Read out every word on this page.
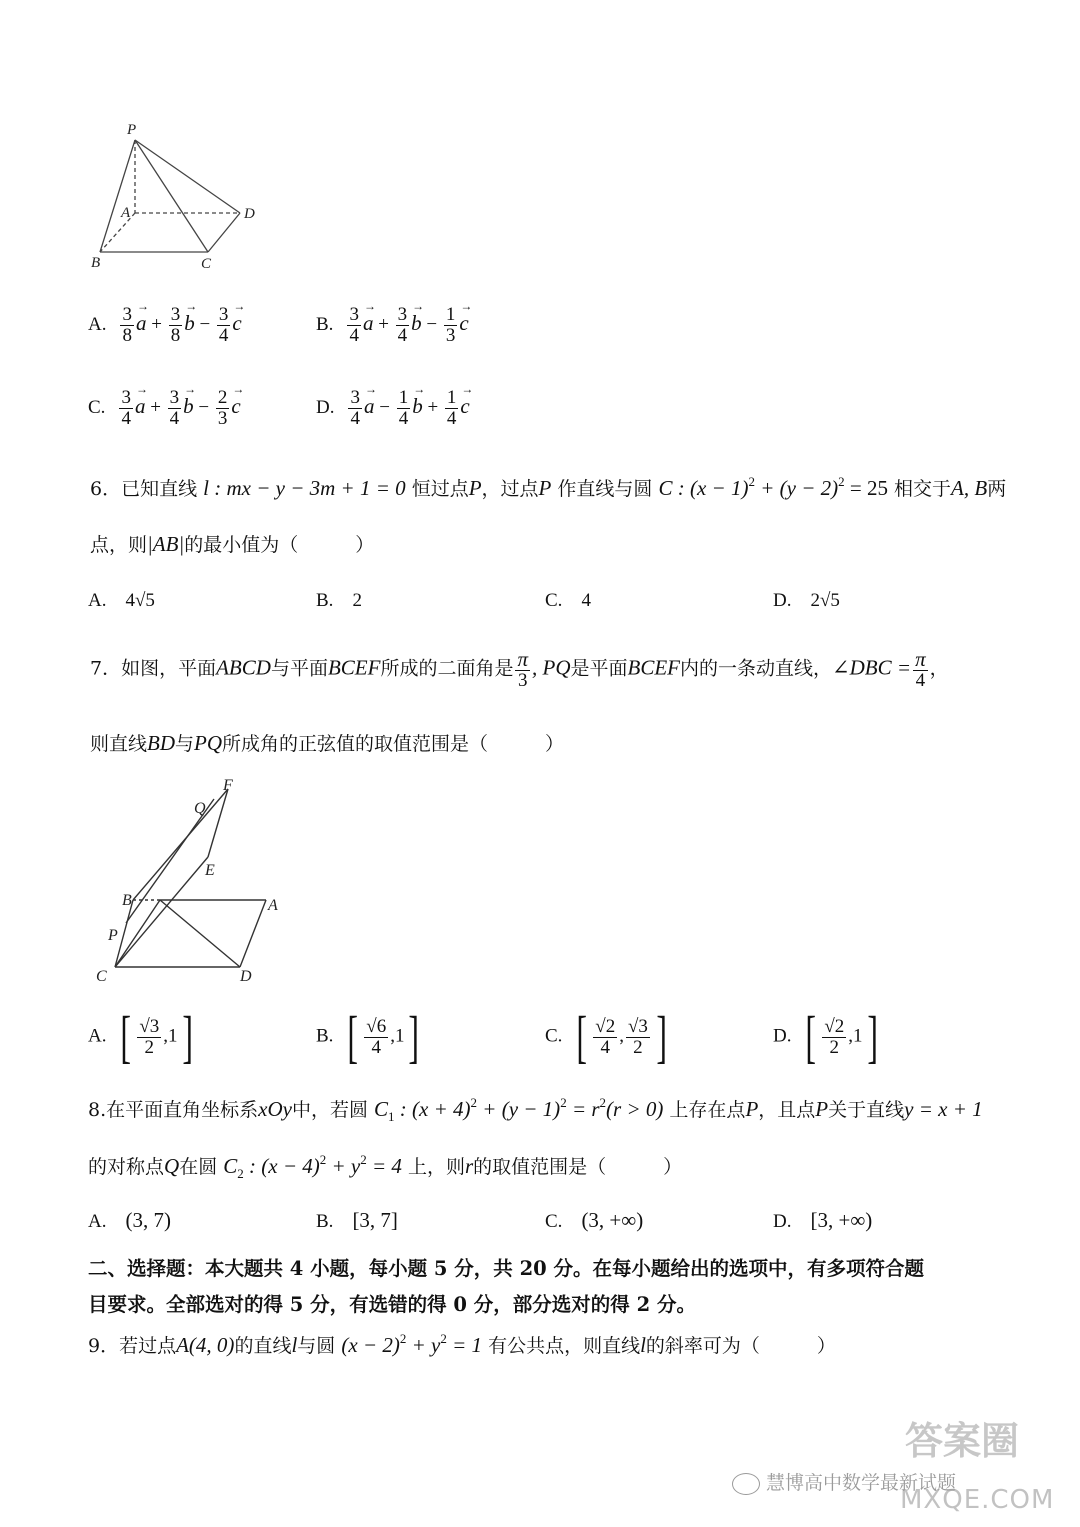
P
A	D
B	C
A. $\frac{3}{8}$
→ $a + \frac{3}{8}$
→ $b - \frac{3}{4}$
→ c	B. $\frac{3}{4}$
→ $a + \frac{3}{4}$
→ $b - \frac{1}{3}$
→ c
C. $\frac{3}{4}$
→ $a + \frac{3}{4}$
→ $b - \frac{2}{3}$
→ c	D. $\frac{3}{4}$
→ $a - \frac{1}{4}$
→ $b + \frac{1}{4}$
→ c
6．已知直线 l : mx − y − 3m + 1 = 0 恒过点P，过点P 作直线与圆 C : $(x - 1)^2 + (y - 2)^2 = 25$ 相交于A, B两
点，则|AB|的最小值为（　　　）
A. 4√5	B. 2	C. 4	D. 2√5
7．如图，平面ABCD与平面BCEF所成的二面角是 $\frac{\pi}{3}$ , PQ是平面BCEF内的一条动直线，∠DBC = $\frac{\pi}{4}$ ，
则直线BD与PQ所成角的正弦值的取值范围是（　　　）
F
Q
E
B	A
P
C	D
A. [ $\frac{√3}{2} ,1$]	B. [ $\frac{√6}{4} ,1$]	C. [ $\frac{√2}{4}$ , $\frac{√3}{2}$ ]	D. [ $\frac{√2}{2} ,1$]
8.在平面直角坐标系xOy中，若圆 $C_1$ : $(x + 4)^2 + (y - 1)^2 = r^2(r > 0)$ 上存在点P，且点P关于直线y = x + 1
的对称点Q在圆 $C_2$ : $(x - 4)^2 + y^2 = 4$ 上，则r的取值范围是（　　　）
A. (3, 7)	B. [3, 7]	C. (3, +∞)	D. [3, +∞)
二、选择题：本大题共 4 小题，每小题 5 分，共 20 分。在每小题给出的选项中，有多项符合题
目要求。全部选对的得 5 分，有选错的得 0 分，部分选对的得 2 分。
9．若过点A(4, 0)的直线l与圆 $(x - 2)^2 + y^2 = 1$ 有公共点，则直线l的斜率可为（　　　）
慧博高中数学最新试题
答案圈
MXQE.COM
